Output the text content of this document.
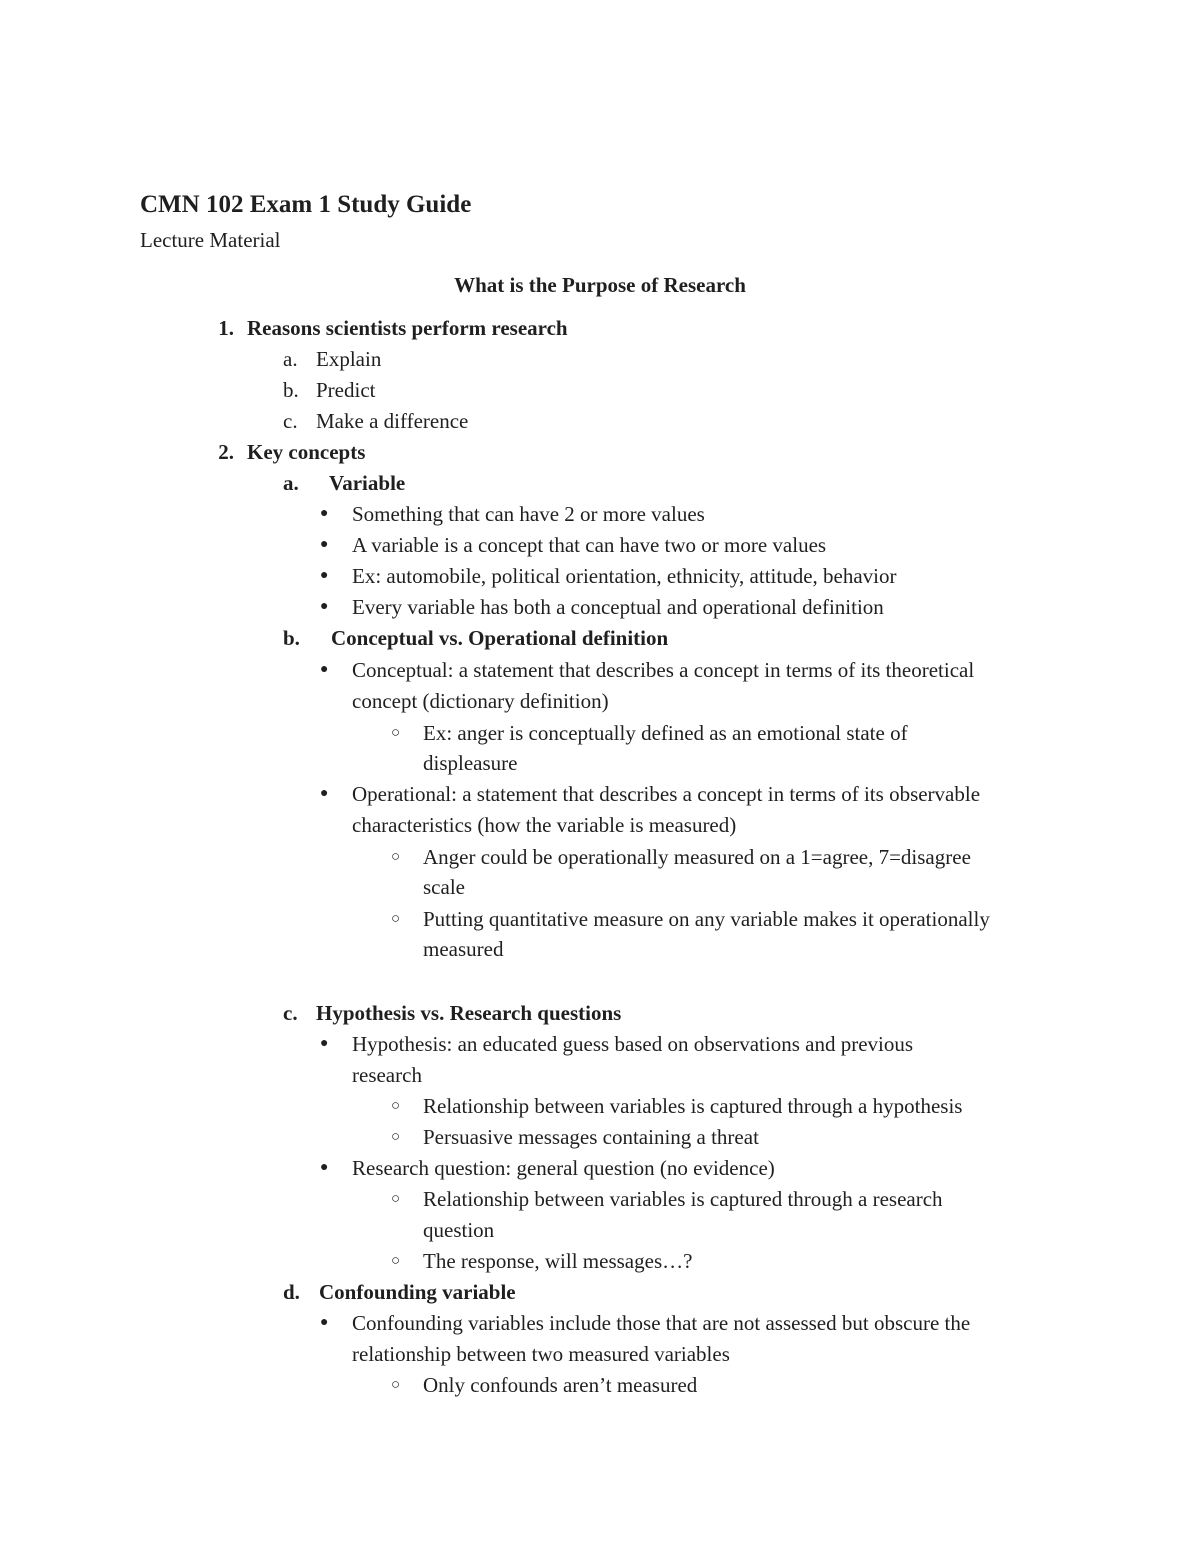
CMN 102 Exam 1 Study Guide
Lecture Material
What is the Purpose of Research
1. Reasons scientists perform research
a. Explain
b. Predict
c. Make a difference
2. Key concepts
a. Variable
● Something that can have 2 or more values
● A variable is a concept that can have two or more values
● Ex: automobile, political orientation, ethnicity, attitude, behavior
● Every variable has both a conceptual and operational definition
b. Conceptual vs. Operational definition
● Conceptual: a statement that describes a concept in terms of its theoretical
concept (dictionary definition)
○ Ex: anger is conceptually defined as an emotional state of
displeasure
● Operational: a statement that describes a concept in terms of its observable
characteristics (how the variable is measured)
○ Anger could be operationally measured on a 1=agree, 7=disagree
scale
○ Putting quantitative measure on any variable makes it operationally
measured
c. Hypothesis vs. Research questions
● Hypothesis: an educated guess based on observations and previous
research
○ Relationship between variables is captured through a hypothesis
○ Persuasive messages containing a threat
● Research question: general question (no evidence)
○ Relationship between variables is captured through a research
question
○ The response, will messages…?
d. Confounding variable
● Confounding variables include those that are not assessed but obscure the
relationship between two measured variables
○ Only confounds aren’t measured
